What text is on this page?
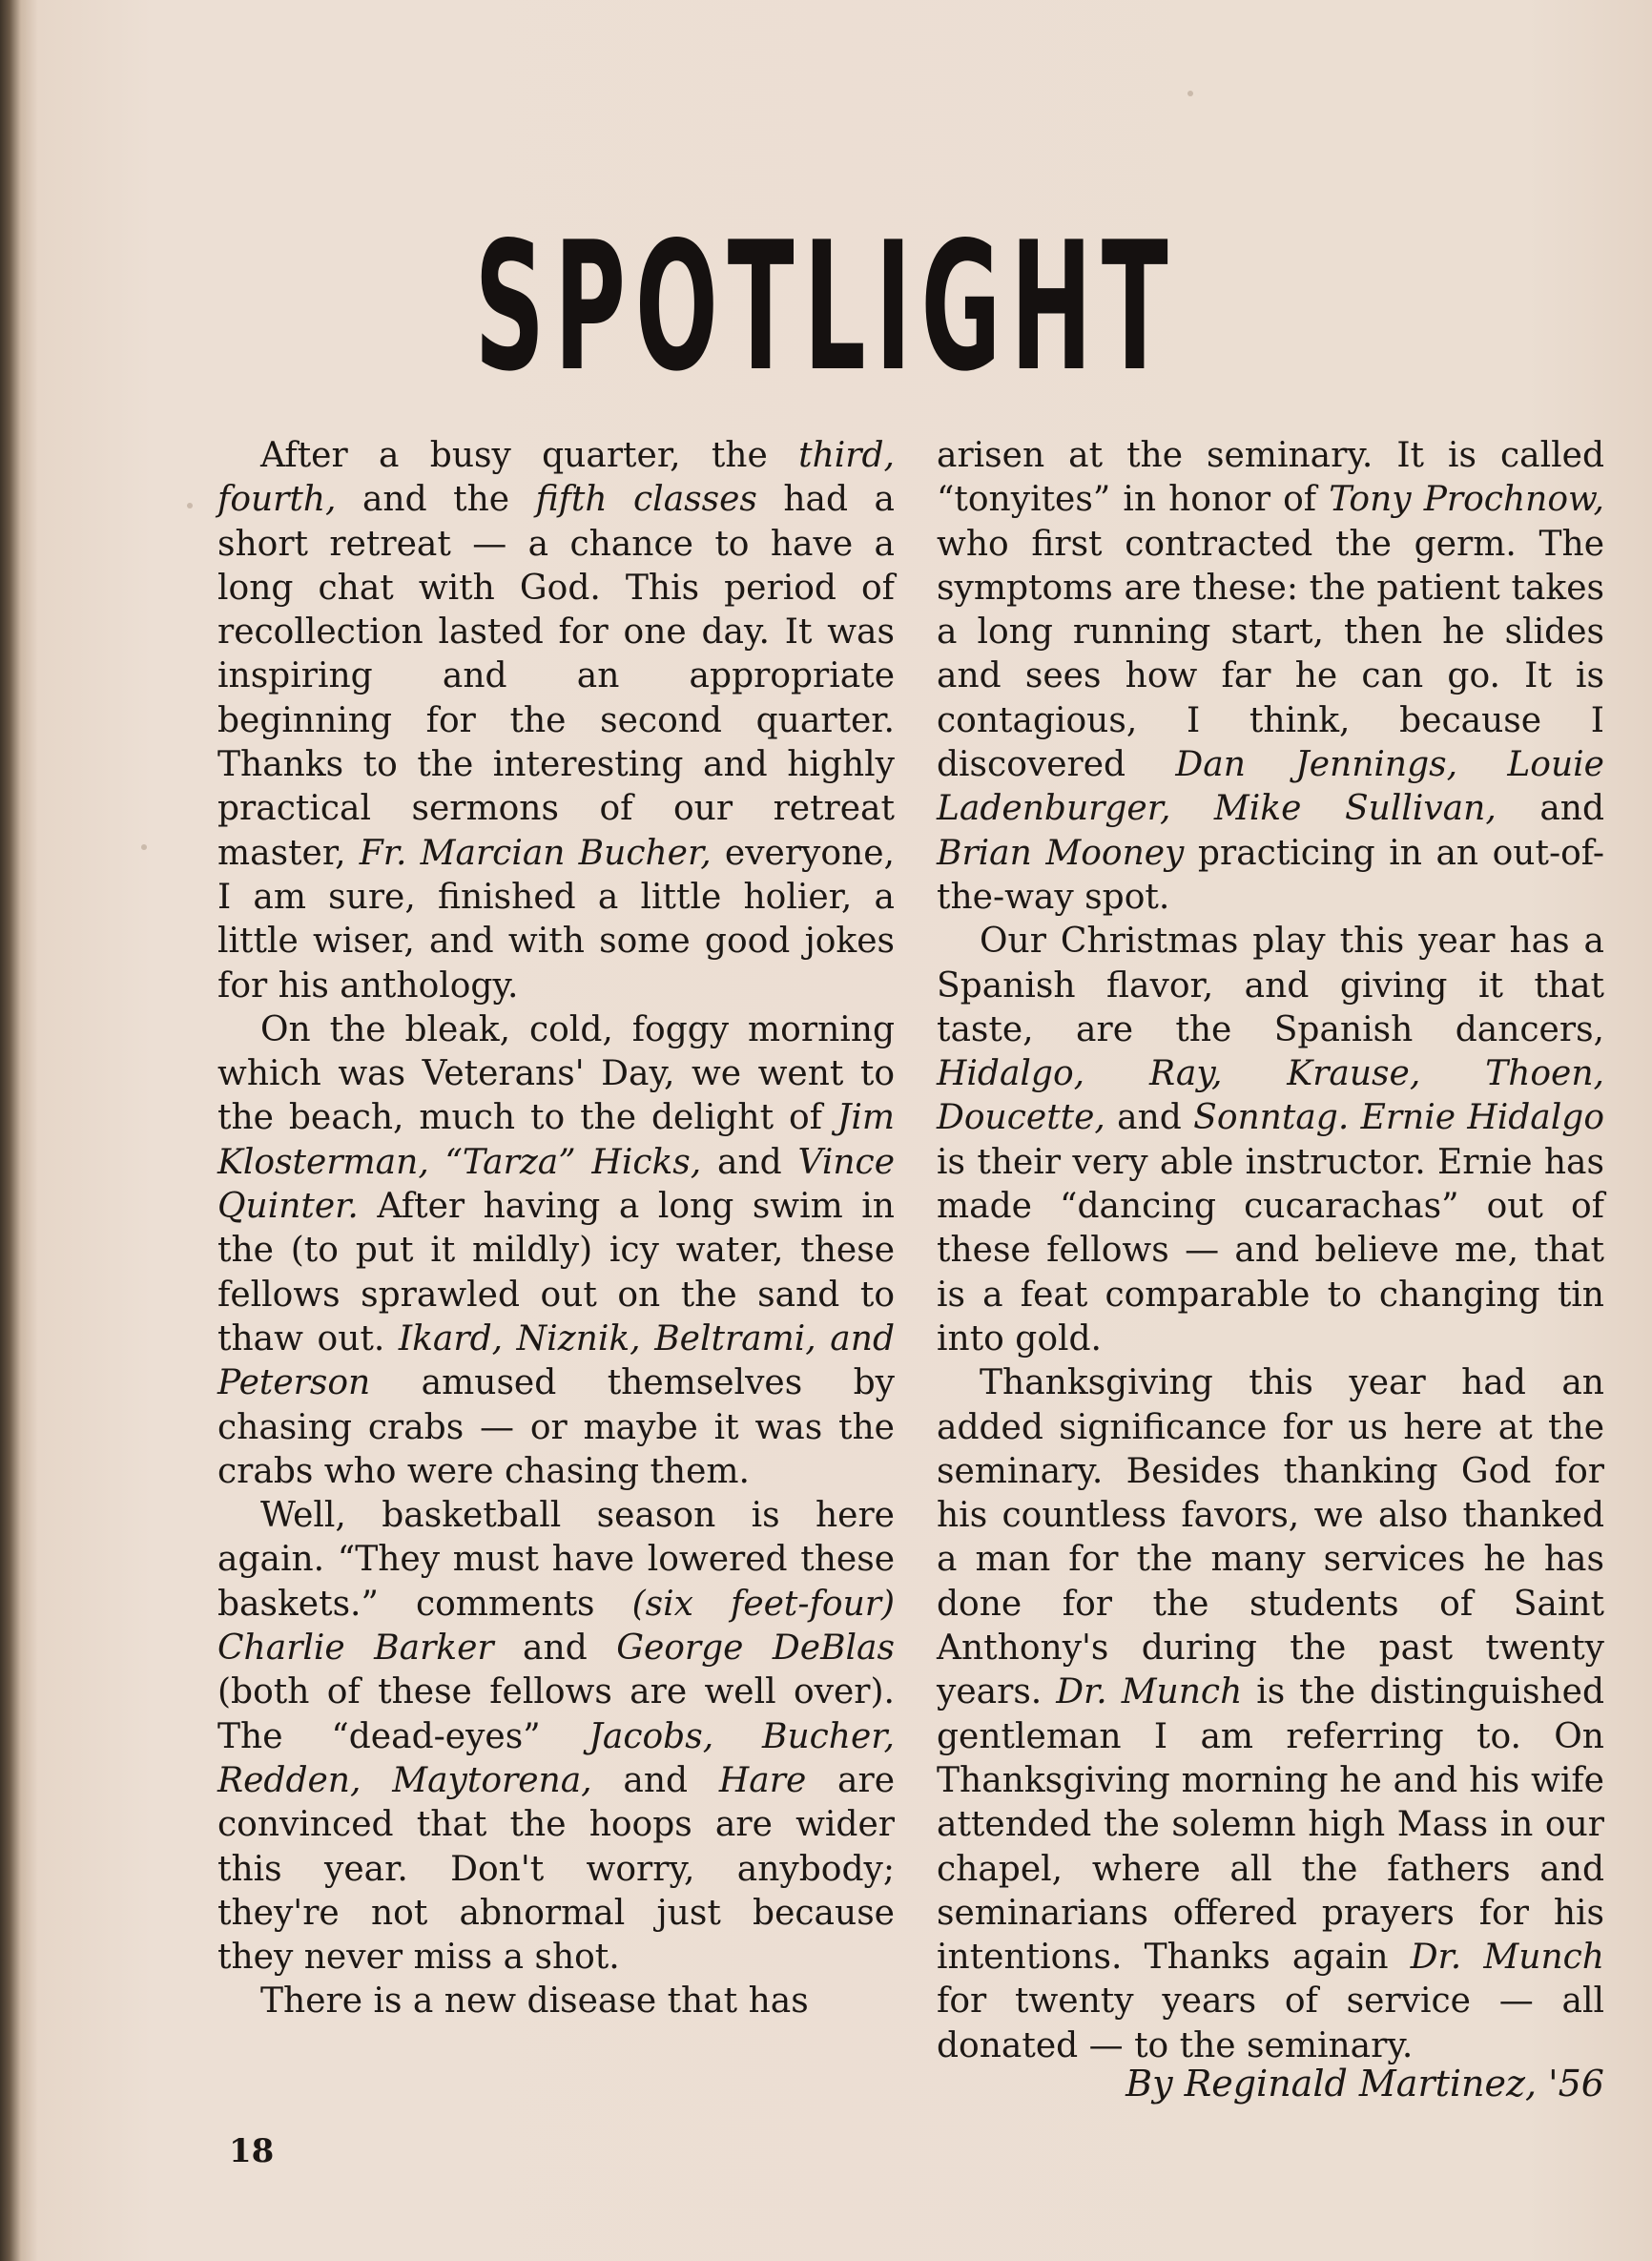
SPOTLIGHT

After a busy quarter, the third, fourth, and the fifth classes had a short retreat — a chance to have a long chat with God. This period of recollection lasted for one day. It was inspiring and an appropriate beginning for the second quarter. Thanks to the interesting and highly practical sermons of our retreat master, Fr. Marcian Bucher, everyone, I am sure, finished a little holier, a little wiser, and with some good jokes for his anthology.

On the bleak, cold, foggy morning which was Veterans' Day, we went to the beach, much to the delight of Jim Klosterman, “Tarza” Hicks, and Vince Quinter. After having a long swim in the (to put it mildly) icy water, these fellows sprawled out on the sand to thaw out. Ikard, Niznik, Beltrami, and Peterson amused themselves by chasing crabs — or maybe it was the crabs who were chasing them.

Well, basketball season is here again. “They must have lowered these baskets.” comments (six feet-four) Charlie Barker and George DeBlas (both of these fellows are well over). The “dead-eyes” Jacobs, Bucher, Redden, Maytorena, and Hare are convinced that the hoops are wider this year. Don't worry, anybody; they're not abnormal just because they never miss a shot.

There is a new disease that has

arisen at the seminary. It is called “tonyites” in honor of Tony Prochnow, who first contracted the germ. The symptoms are these: the patient takes a long running start, then he slides and sees how far he can go. It is contagious, I think, because I discovered Dan Jennings, Louie Ladenburger, Mike Sullivan, and Brian Mooney practicing in an out-of-the-way spot.

Our Christmas play this year has a Spanish flavor, and giving it that taste, are the Spanish dancers, Hidalgo, Ray, Krause, Thoen, Doucette, and Sonntag. Ernie Hidalgo is their very able instructor. Ernie has made “dancing cucarachas” out of these fellows — and believe me, that is a feat comparable to changing tin into gold.

Thanksgiving this year had an added significance for us here at the seminary. Besides thanking God for his countless favors, we also thanked a man for the many services he has done for the students of Saint Anthony's during the past twenty years. Dr. Munch is the distinguished gentleman I am referring to. On Thanksgiving morning he and his wife attended the solemn high Mass in our chapel, where all the fathers and seminarians offered prayers for his intentions. Thanks again Dr. Munch for twenty years of service — all donated — to the seminary.

By Reginald Martinez, '56
18
